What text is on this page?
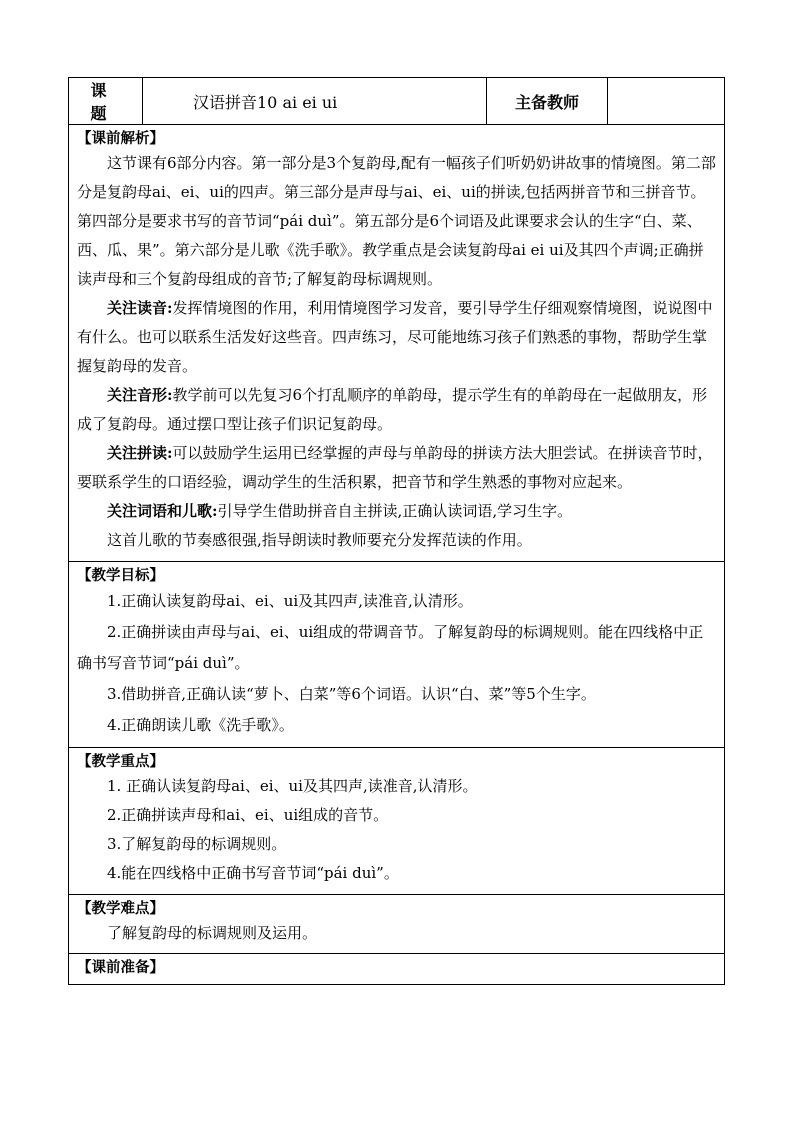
课 题	汉语拼音10 ai ei ui	主备教师	

【课前解析】

这节课有6部分内容。第一部分是3个复韵母,配有一幅孩子们听奶奶讲故事的情境图。第二部分是复韵母ai、ei、ui的四声。第三部分是声母与ai、ei、ui的拼读,包括两拼音节和三拼音节。第四部分是要求书写的音节词“pái duì”。第五部分是6个词语及此课要求会认的生字“白、菜、西、瓜、果”。第六部分是儿歌《洗手歌》。教学重点是会读复韵母ai ei ui及其四个声调;正确拼读声母和三个复韵母组成的音节;了解复韵母标调规则。

关注读音:发挥情境图的作用，利用情境图学习发音，要引导学生仔细观察情境图，说说图中有什么。也可以联系生活发好这些音。四声练习，尽可能地练习孩子们熟悉的事物，帮助学生掌握复韵母的发音。

关注音形:教学前可以先复习6个打乱顺序的单韵母，提示学生有的单韵母在一起做朋友，形成了复韵母。通过摆口型让孩子们识记复韵母。

关注拼读:可以鼓励学生运用已经掌握的声母与单韵母的拼读方法大胆尝试。在拼读音节时，要联系学生的口语经验，调动学生的生活积累，把音节和学生熟悉的事物对应起来。

关注词语和儿歌:引导学生借助拼音自主拼读,正确认读词语,学习生字。

这首儿歌的节奏感很强,指导朗读时教师要充分发挥范读的作用。

【教学目标】

1.正确认读复韵母ai、ei、ui及其四声,读准音,认清形。

2.正确拼读由声母与ai、ei、ui组成的带调音节。了解复韵母的标调规则。能在四线格中正确书写音节词“pái duì”。

3.借助拼音,正确认读“萝卜、白菜”等6个词语。认识“白、菜”等5个生字。

4.正确朗读儿歌《洗手歌》。

【教学重点】

1. 正确认读复韵母ai、ei、ui及其四声,读准音,认清形。

2.正确拼读声母和ai、ei、ui组成的音节。

3.了解复韵母的标调规则。

4.能在四线格中正确书写音节词“pái duì”。

【教学难点】

了解复韵母的标调规则及运用。

【课前准备】
